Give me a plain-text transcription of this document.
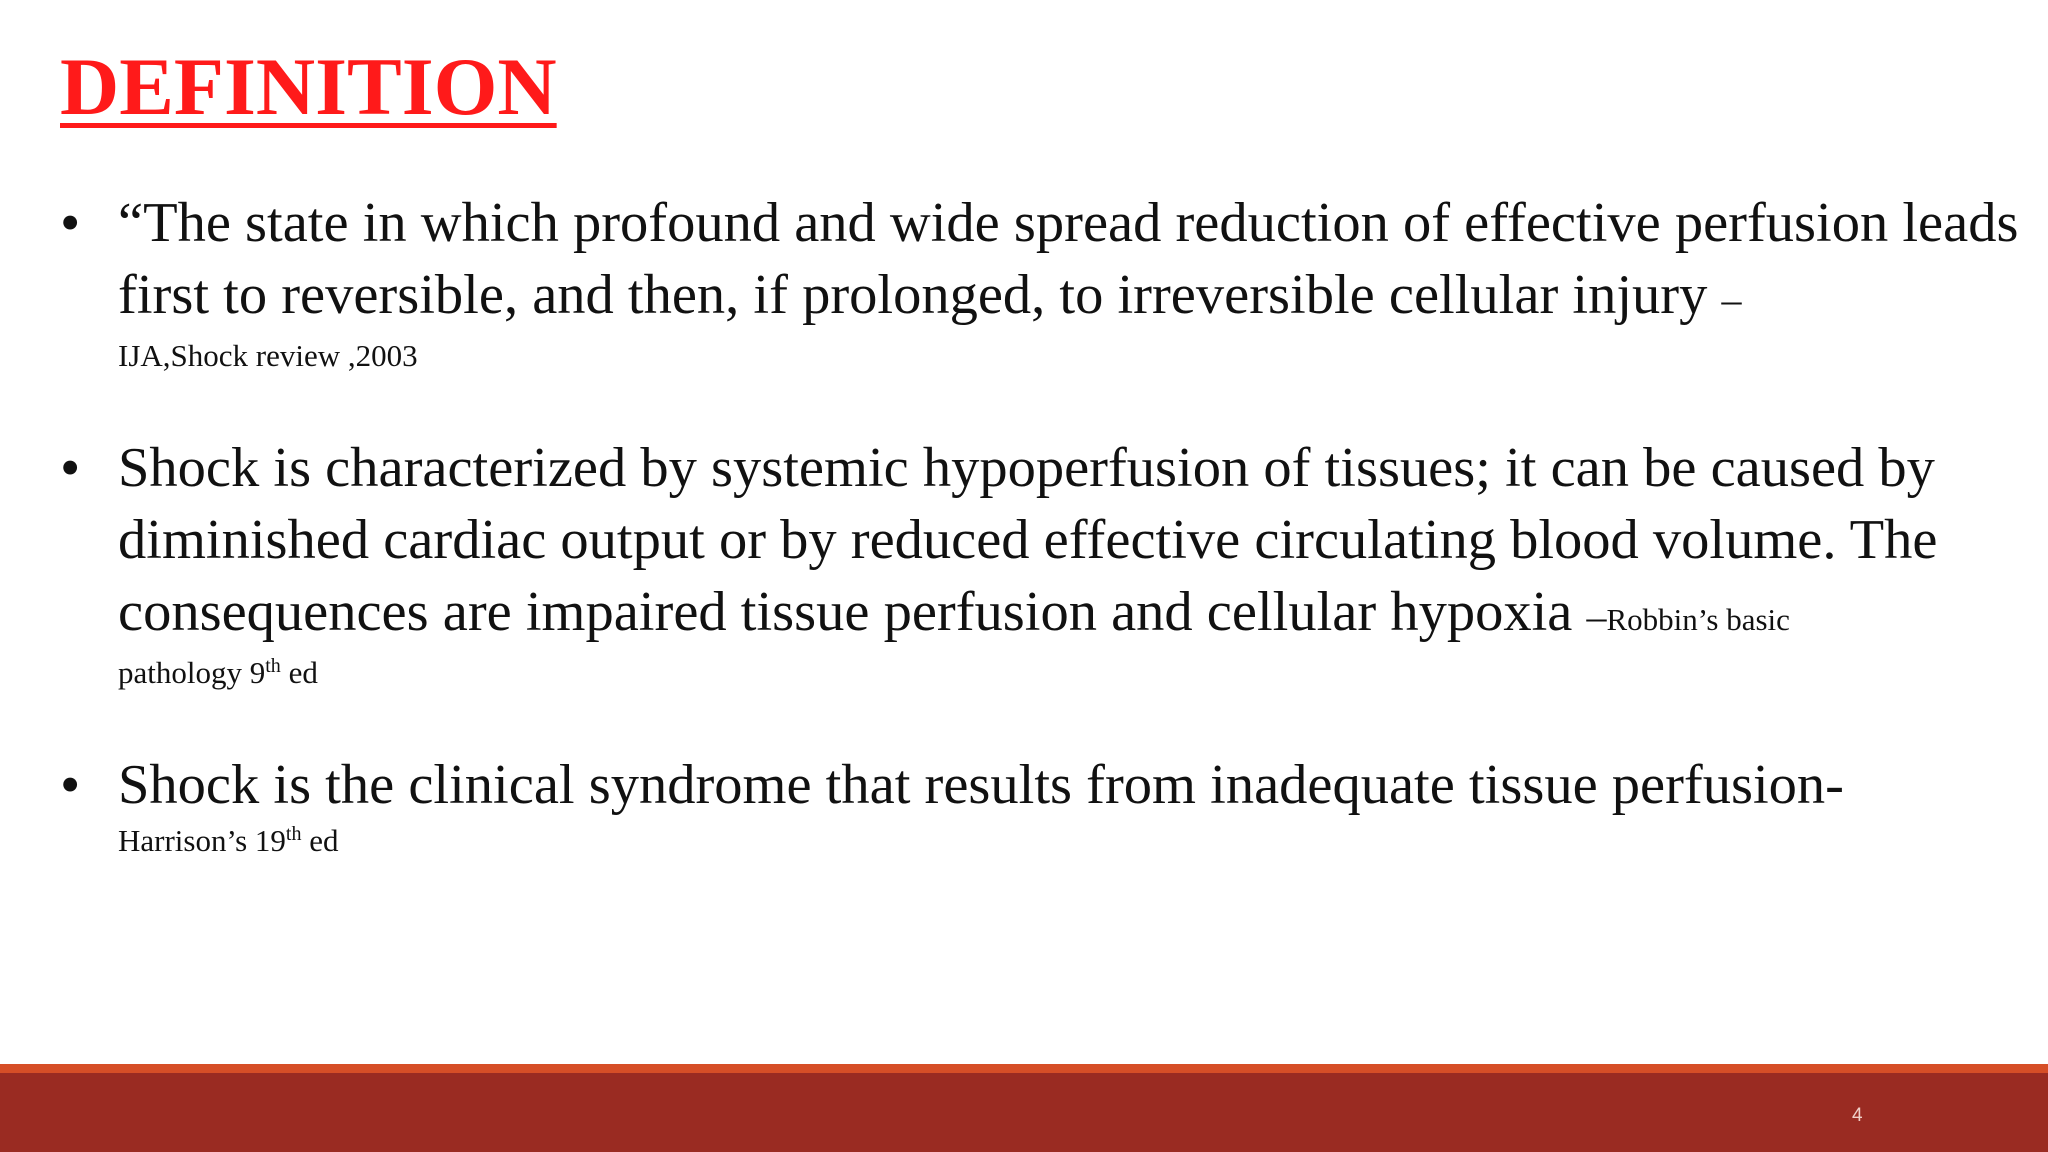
DEFINITION
• “The state in which profound and wide spread reduction of effective perfusion leads first to reversible, and then, if prolonged, to irreversible cellular injury –
IJA,Shock review ,2003
• Shock is characterized by systemic hypoperfusion of tissues; it can be caused by diminished cardiac output or by reduced effective circulating blood volume. The consequences are impaired tissue perfusion and cellular hypoxia –Robbin’s basic
pathology 9th ed
• Shock is the clinical syndrome that results from inadequate tissue perfusion-
Harrison’s 19th ed
4
